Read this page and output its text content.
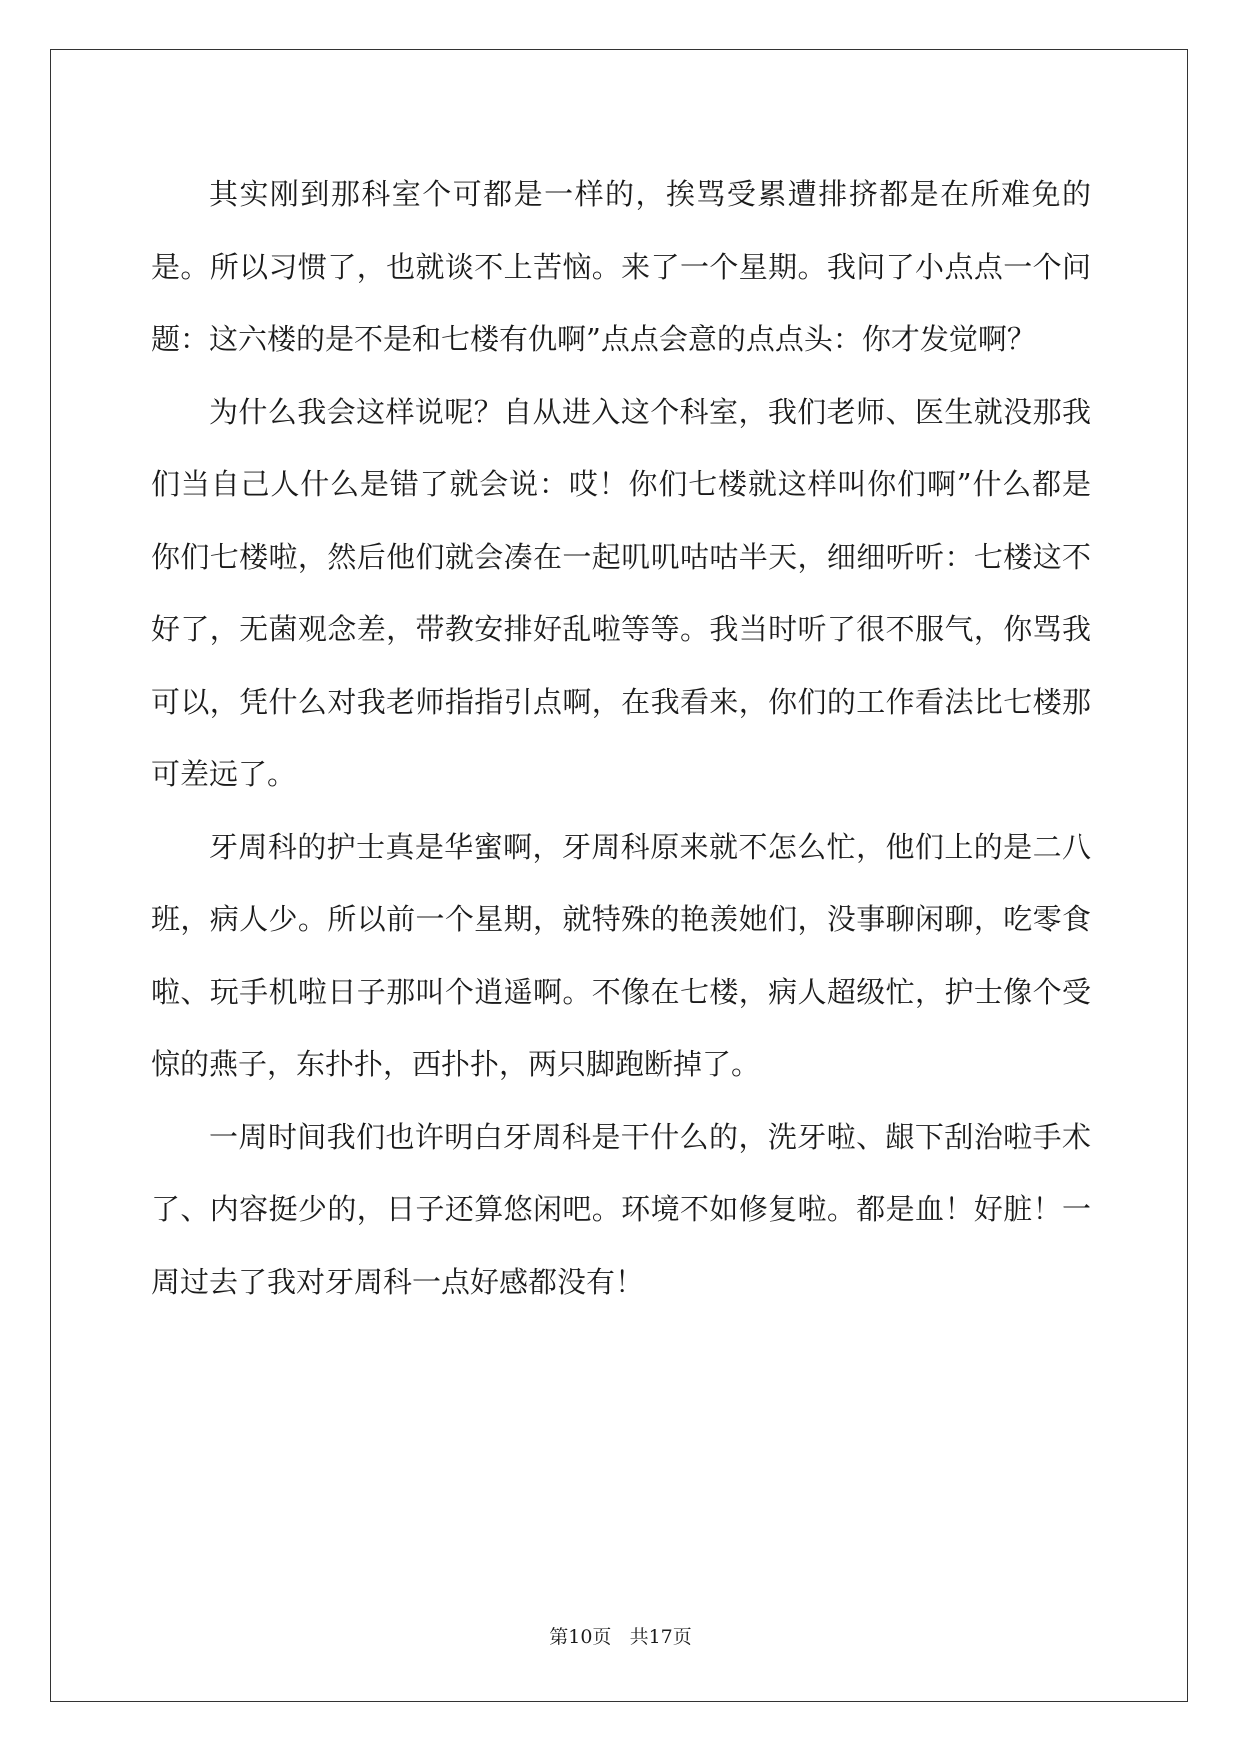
其实刚到那科室个可都是一样的，挨骂受累遭排挤都是在所难免的是。所以习惯了，也就谈不上苦恼。来了一个星期。我问了小点点一个问题：这六楼的是不是和七楼有仇啊”点点会意的点点头：你才发觉啊？

为什么我会这样说呢？自从进入这个科室，我们老师、医生就没那我们当自己人什么是错了就会说：哎！你们七楼就这样叫你们啊”什么都是你们七楼啦，然后他们就会凑在一起叽叽咕咕半天，细细听听：七楼这不好了，无菌观念差，带教安排好乱啦等等。我当时听了很不服气，你骂我可以，凭什么对我老师指指引点啊，在我看来，你们的工作看法比七楼那可差远了。

牙周科的护士真是华蜜啊，牙周科原来就不怎么忙，他们上的是二八班，病人少。所以前一个星期，就特殊的艳羡她们，没事聊闲聊，吃零食啦、玩手机啦日子那叫个逍遥啊。不像在七楼，病人超级忙，护士像个受惊的燕子，东扑扑，西扑扑，两只脚跑断掉了。

一周时间我们也许明白牙周科是干什么的，洗牙啦、龈下刮治啦手术了、内容挺少的，日子还算悠闲吧。环境不如修复啦。都是血！好脏！一周过去了我对牙周科一点好感都没有！

第10页 共17页
